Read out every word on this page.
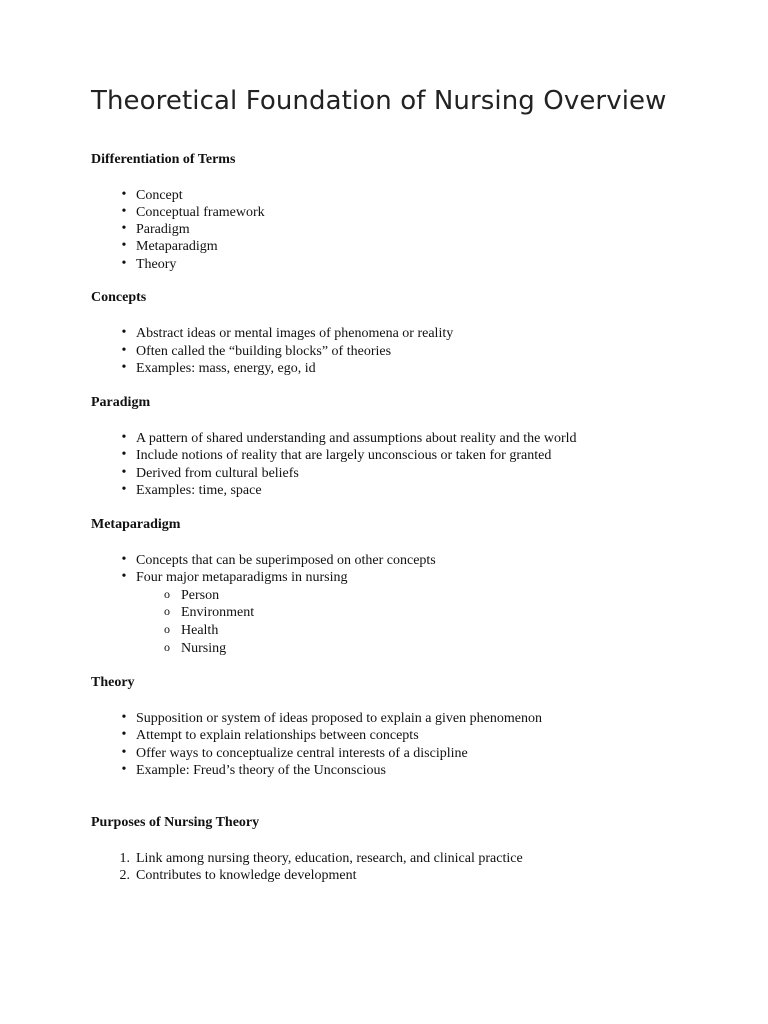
Theoretical Foundation of Nursing Overview

Differentiation of Terms

• Concept
• Conceptual framework
• Paradigm
• Metaparadigm
• Theory

Concepts

• Abstract ideas or mental images of phenomena or reality
• Often called the “building blocks” of theories
• Examples: mass, energy, ego, id

Paradigm

• A pattern of shared understanding and assumptions about reality and the world
• Include notions of reality that are largely unconscious or taken for granted
• Derived from cultural beliefs
• Examples: time, space

Metaparadigm

• Concepts that can be superimposed on other concepts
• Four major metaparadigms in nursing
o Person
o Environment
o Health
o Nursing

Theory

• Supposition or system of ideas proposed to explain a given phenomenon
• Attempt to explain relationships between concepts
• Offer ways to conceptualize central interests of a discipline
• Example: Freud’s theory of the Unconscious

Purposes of Nursing Theory

1. Link among nursing theory, education, research, and clinical practice
2. Contributes to knowledge development
